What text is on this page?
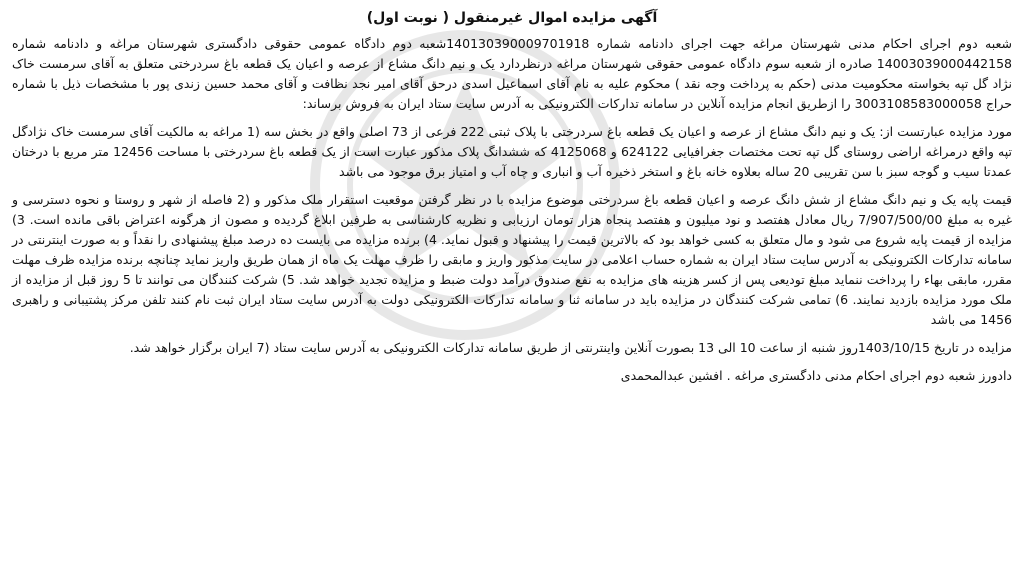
آگهی مزایده اموال غیرمنقول ( نوبت اول)

شعبه دوم اجرای احکام مدنی شهرستان مراغه جهت اجرای دادنامه شماره 140130390009701918شعبه دوم دادگاه عمومی حقوقی دادگستری شهرستان مراغه و دادنامه شماره 14003039000442158 صادره از شعبه سوم دادگاه عمومی حقوقی شهرستان مراغه درنظردارد یک و نیم دانگ مشاع از عرصه و اعیان یک قطعه باغ سردرختی متعلق به آقای سرمست خاک نژاد گل تپه بخواسته محکومیت مدنی (حکم به پرداخت وجه نقد ) محکوم علیه به نام آقای اسماعیل اسدی درحق آقای امیر نجد نظافت و آقای محمد حسین زندی پور با مشخصات ذیل با شماره حراج 3003108583000058 را ازطریق انجام مزایده آنلاین در سامانه تدارکات الکترونیکی به آدرس سایت ستاد ایران به فروش برساند:

مورد مزایده عبارتست از: یک و نیم دانگ مشاع از عرصه و اعیان یک قطعه باغ سردرختی با پلاک ثبتی 222 فرعی از 73 اصلی واقع در بخش سه (1 مراغه به مالکیت آقای سرمست خاک نژادگل تپه واقع درمراغه اراضی روستای گل تپه تحت مختصات جغرافیایی 624122 و 4125068 که ششدانگ پلاک مذکور عبارت است از یک قطعه باغ سردرختی با مساحت 12456 متر مربع با درختان عمدتا سیب و گوجه سبز با سن تقریبی 20 ساله بعلاوه خانه باغ و استخر ذخیره آب و انباری و چاه آب و امتیاز برق موجود می باشد

قیمت پایه یک و نیم دانگ مشاع از شش دانگ عرصه و اعیان قطعه باغ سردرختی موضوع مزایده با در نظر گرفتن موقعیت استقرار ملک مذکور و (2 فاصله از شهر و روستا و نحوه دسترسی و غیره به مبلغ 7/907/500/00 ریال معادل هفتصد و نود میلیون و هفتصد پنجاه هزار تومان ارزیابی و نظریه کارشناسی به طرفین ابلاغ گردیده و مصون از هرگونه اعتراض باقی مانده است. 3) مزایده از قیمت پایه شروع می شود و مال متعلق به کسی خواهد بود که بالاترین قیمت را پیشنهاد و قبول نماید. 4) برنده مزایده می بایست ده درصد مبلغ پیشنهادی را نقداً و به صورت اینترنتی در سامانه تدارکات الکترونیکی به آدرس سایت ستاد ایران به شماره حساب اعلامی در سایت مذکور واریز و مابقی را ظرف مهلت یک ماه از همان طریق واریز نماید چنانچه برنده مزایده ظرف مهلت مقرر، مابقی بهاء را پرداخت ننماید مبلغ تودیعی پس از کسر هزینه های مزایده به نفع صندوق درآمد دولت ضبط و مزایده تجدید خواهد شد. 5) شرکت کنندگان می توانند تا 5 روز قبل از مزایده از ملک مورد مزایده بازدید نمایند. 6) تمامی شرکت کنندگان در مزایده باید در سامانه ثنا و سامانه تدارکات الکترونیکی دولت به آدرس سایت ستاد ایران ثبت نام کنند تلفن مرکز پشتیبانی و راهبری 1456 می باشد

مزایده در تاریخ 1403/10/15روز شنبه از ساعت 10 الی 13 بصورت آنلاین واینترنتی از طریق سامانه تدارکات الکترونیکی به آدرس سایت ستاد (7 ایران برگزار خواهد شد.

دادورز شعبه دوم اجرای احکام مدنی دادگستری مراغه . افشین عبدالمحمدی
